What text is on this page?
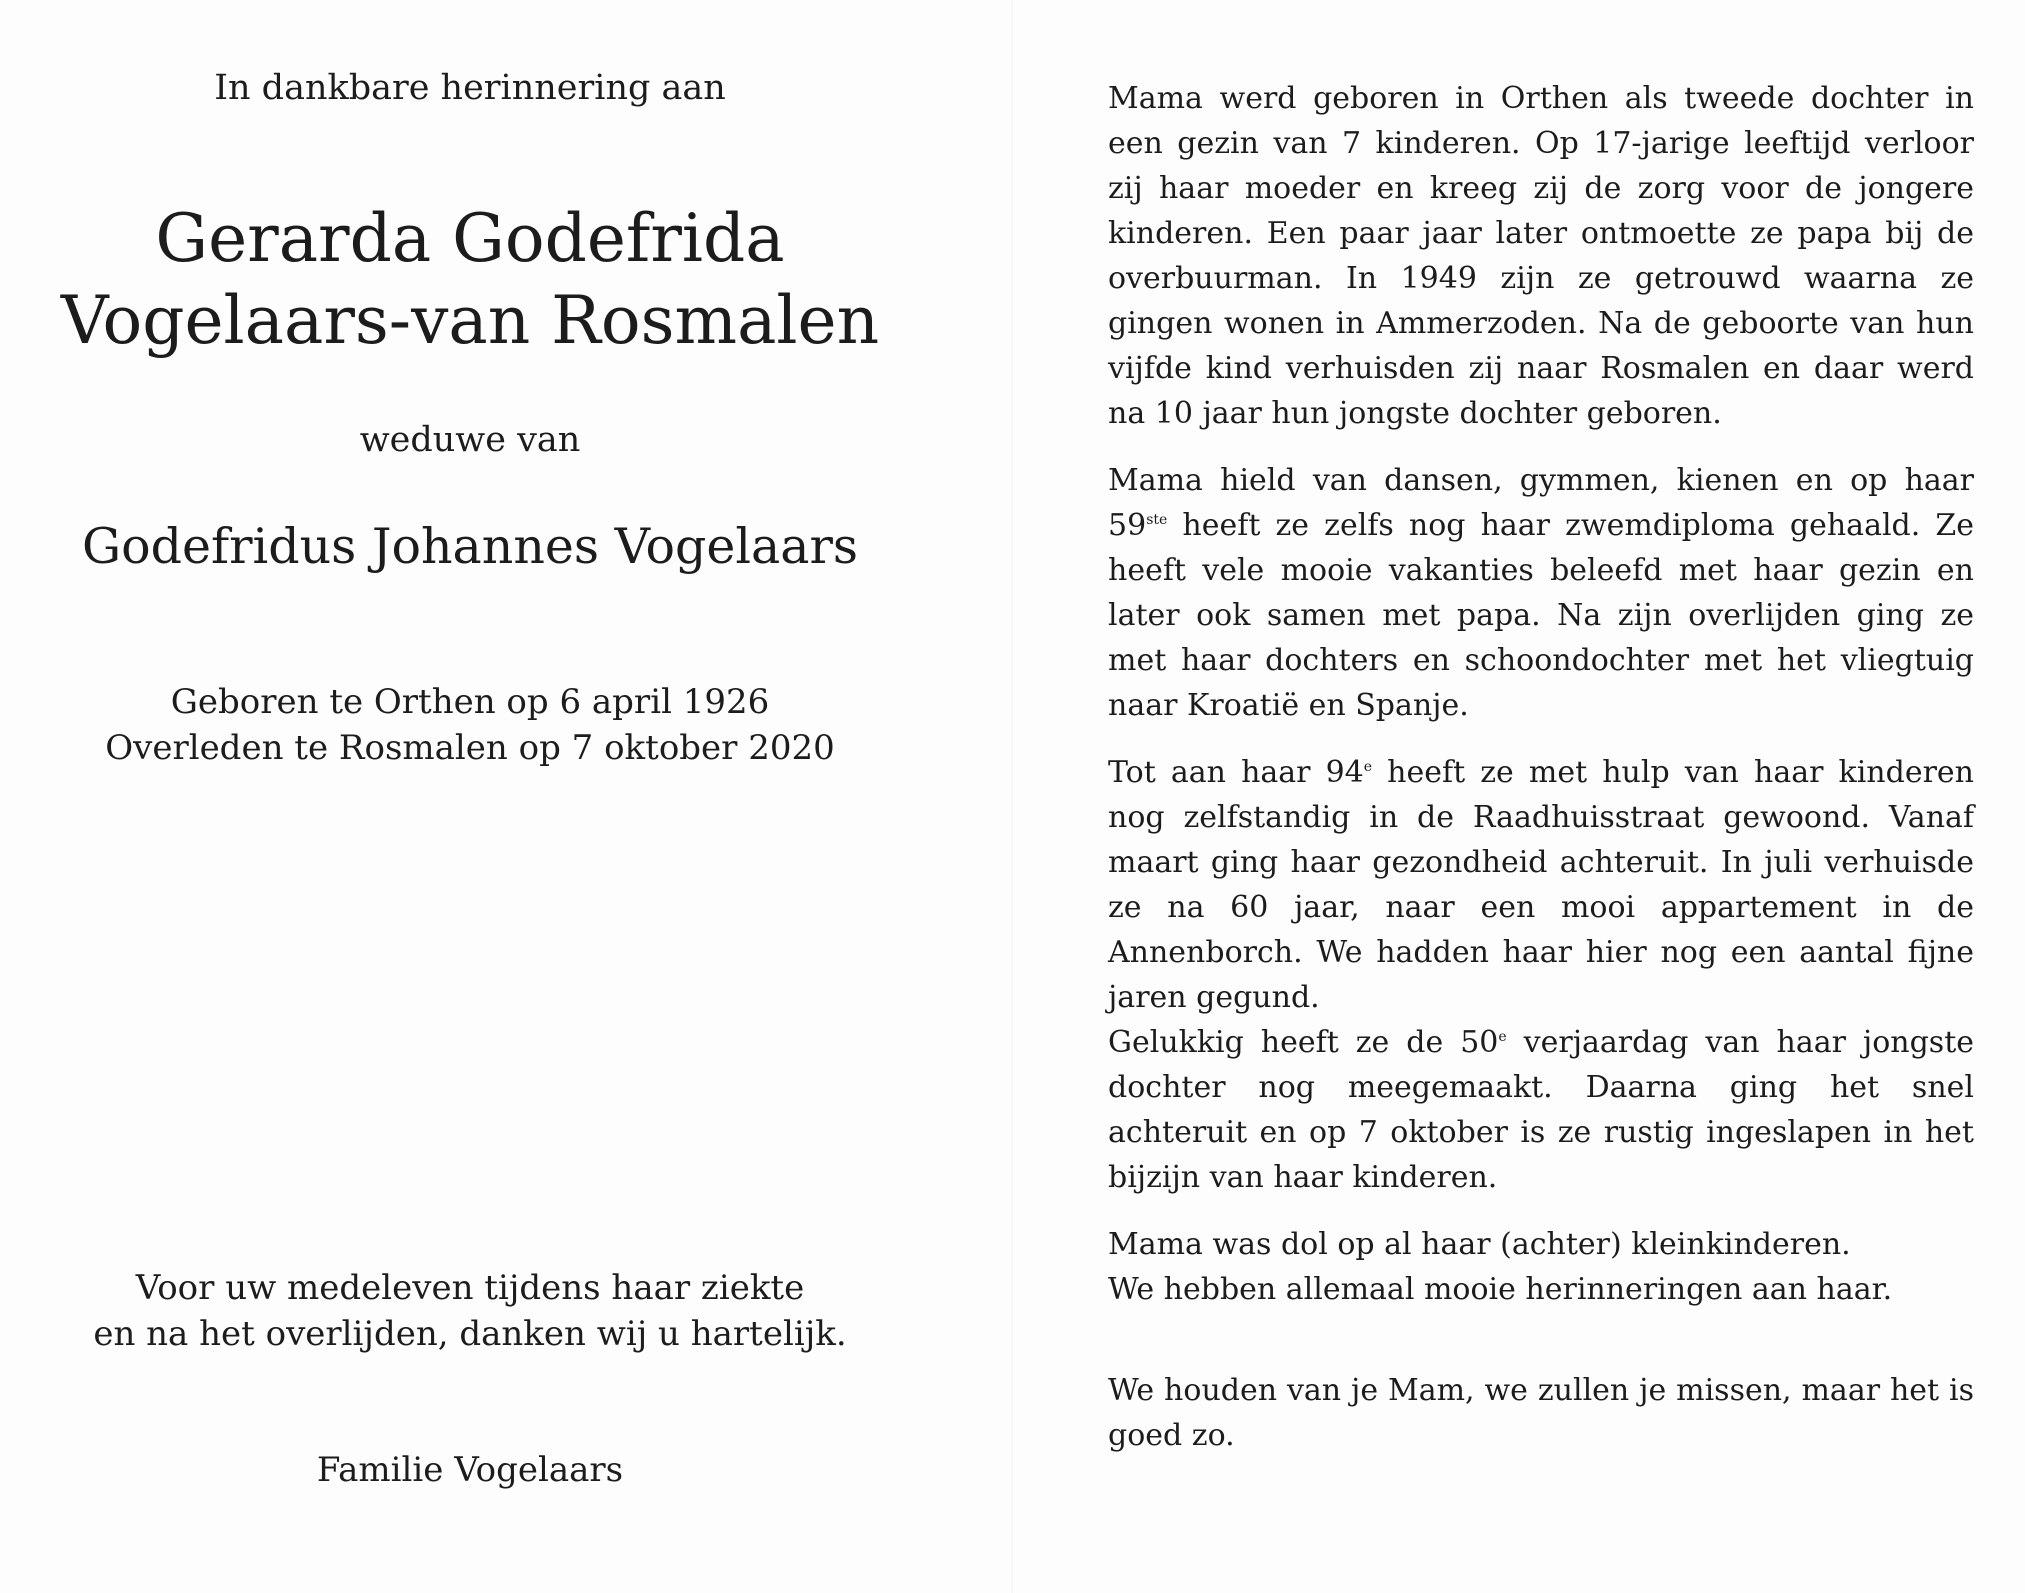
In dankbare herinnering aan
Gerarda Godefrida
Vogelaars-van Rosmalen
weduwe van
Godefridus Johannes Vogelaars
Geboren te Orthen op 6 april 1926
Overleden te Rosmalen op 7 oktober 2020
Voor uw medeleven tijdens haar ziekte
en na het overlijden, danken wij u hartelijk.
Familie Vogelaars

Mama werd geboren in Orthen als tweede dochter in een gezin van 7 kinderen. Op 17-jarige leeftijd verloor zij haar moeder en kreeg zij de zorg voor de jongere kinderen. Een paar jaar later ontmoette ze papa bij de overbuurman. In 1949 zijn ze getrouwd waarna ze gingen wonen in Ammerzoden. Na de geboorte van hun vijfde kind verhuisden zij naar Rosmalen en daar werd na 10 jaar hun jongste dochter geboren.

Mama hield van dansen, gymmen, kienen en op haar 59ste heeft ze zelfs nog haar zwemdiploma gehaald. Ze heeft vele mooie vakanties beleefd met haar gezin en later ook samen met papa. Na zijn overlijden ging ze met haar dochters en schoondochter met het vliegtuig naar Kroatië en Spanje.

Tot aan haar 94e heeft ze met hulp van haar kinderen nog zelfstandig in de Raadhuisstraat gewoond. Vanaf maart ging haar gezondheid achteruit. In juli verhuisde ze na 60 jaar, naar een mooi appartement in de Annenborch. We hadden haar hier nog een aantal fijne jaren gegund.

Gelukkig heeft ze de 50e verjaardag van haar jongste dochter nog meegemaakt. Daarna ging het snel achteruit en op 7 oktober is ze rustig ingeslapen in het bijzijn van haar kinderen.

Mama was dol op al haar (achter) kleinkinderen.
We hebben allemaal mooie herinneringen aan haar.

We houden van je Mam, we zullen je missen, maar het is goed zo.
